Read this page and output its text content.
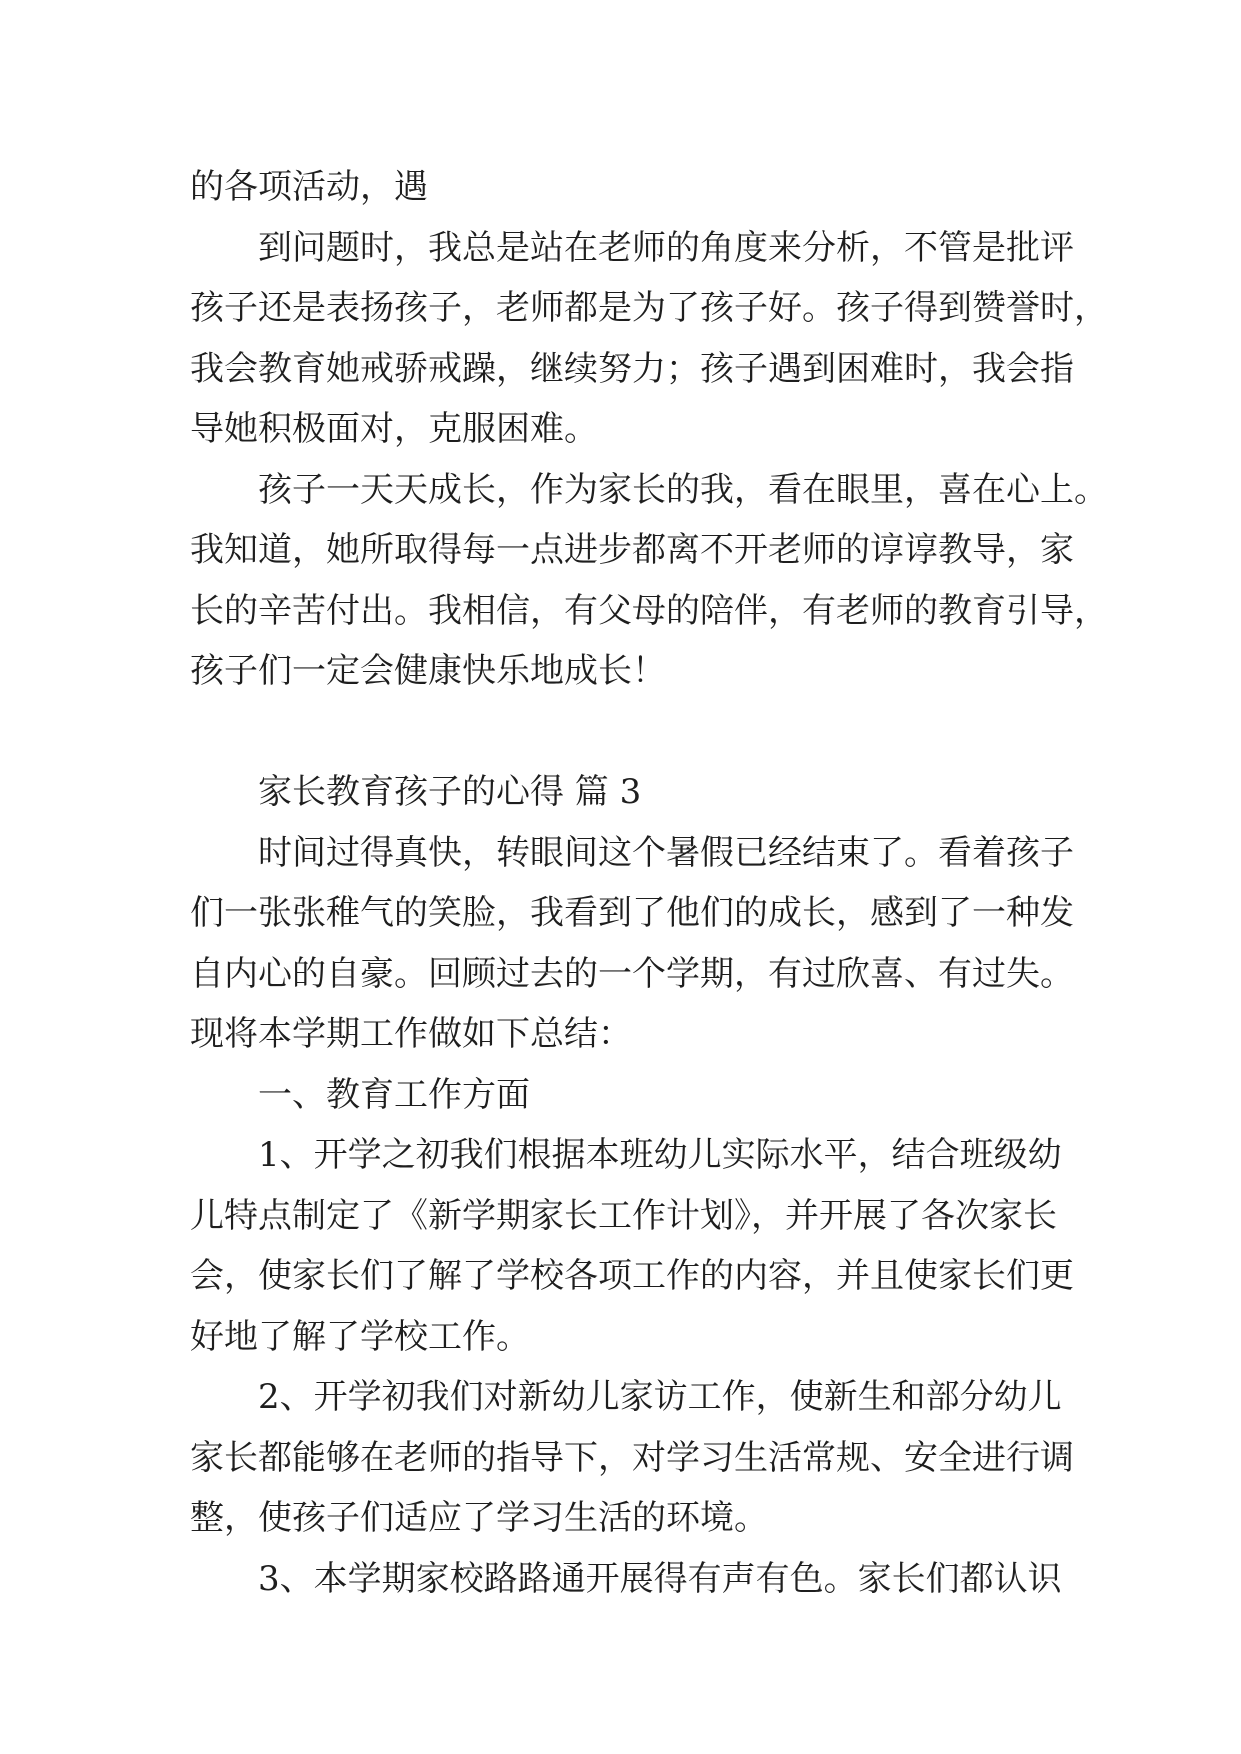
的各项活动，遇
到问题时，我总是站在老师的角度来分析，不管是批评
孩子还是表扬孩子，老师都是为了孩子好。孩子得到赞誉时，
我会教育她戒骄戒躁，继续努力；孩子遇到困难时，我会指
导她积极面对，克服困难。
孩子一天天成长，作为家长的我，看在眼里，喜在心上。
我知道，她所取得每一点进步都离不开老师的谆谆教导，家
长的辛苦付出。我相信，有父母的陪伴，有老师的教育引导，
孩子们一定会健康快乐地成长！
家长教育孩子的心得 篇 3
时间过得真快，转眼间这个暑假已经结束了。看着孩子
们一张张稚气的笑脸，我看到了他们的成长，感到了一种发
自内心的自豪。回顾过去的一个学期，有过欣喜、有过失。
现将本学期工作做如下总结：
一、教育工作方面
1、开学之初我们根据本班幼儿实际水平，结合班级幼
儿特点制定了《新学期家长工作计划》，并开展了各次家长
会，使家长们了解了学校各项工作的内容，并且使家长们更
好地了解了学校工作。
2、开学初我们对新幼儿家访工作，使新生和部分幼儿
家长都能够在老师的指导下，对学习生活常规、安全进行调
整，使孩子们适应了学习生活的环境。
3、本学期家校路路通开展得有声有色。家长们都认识
